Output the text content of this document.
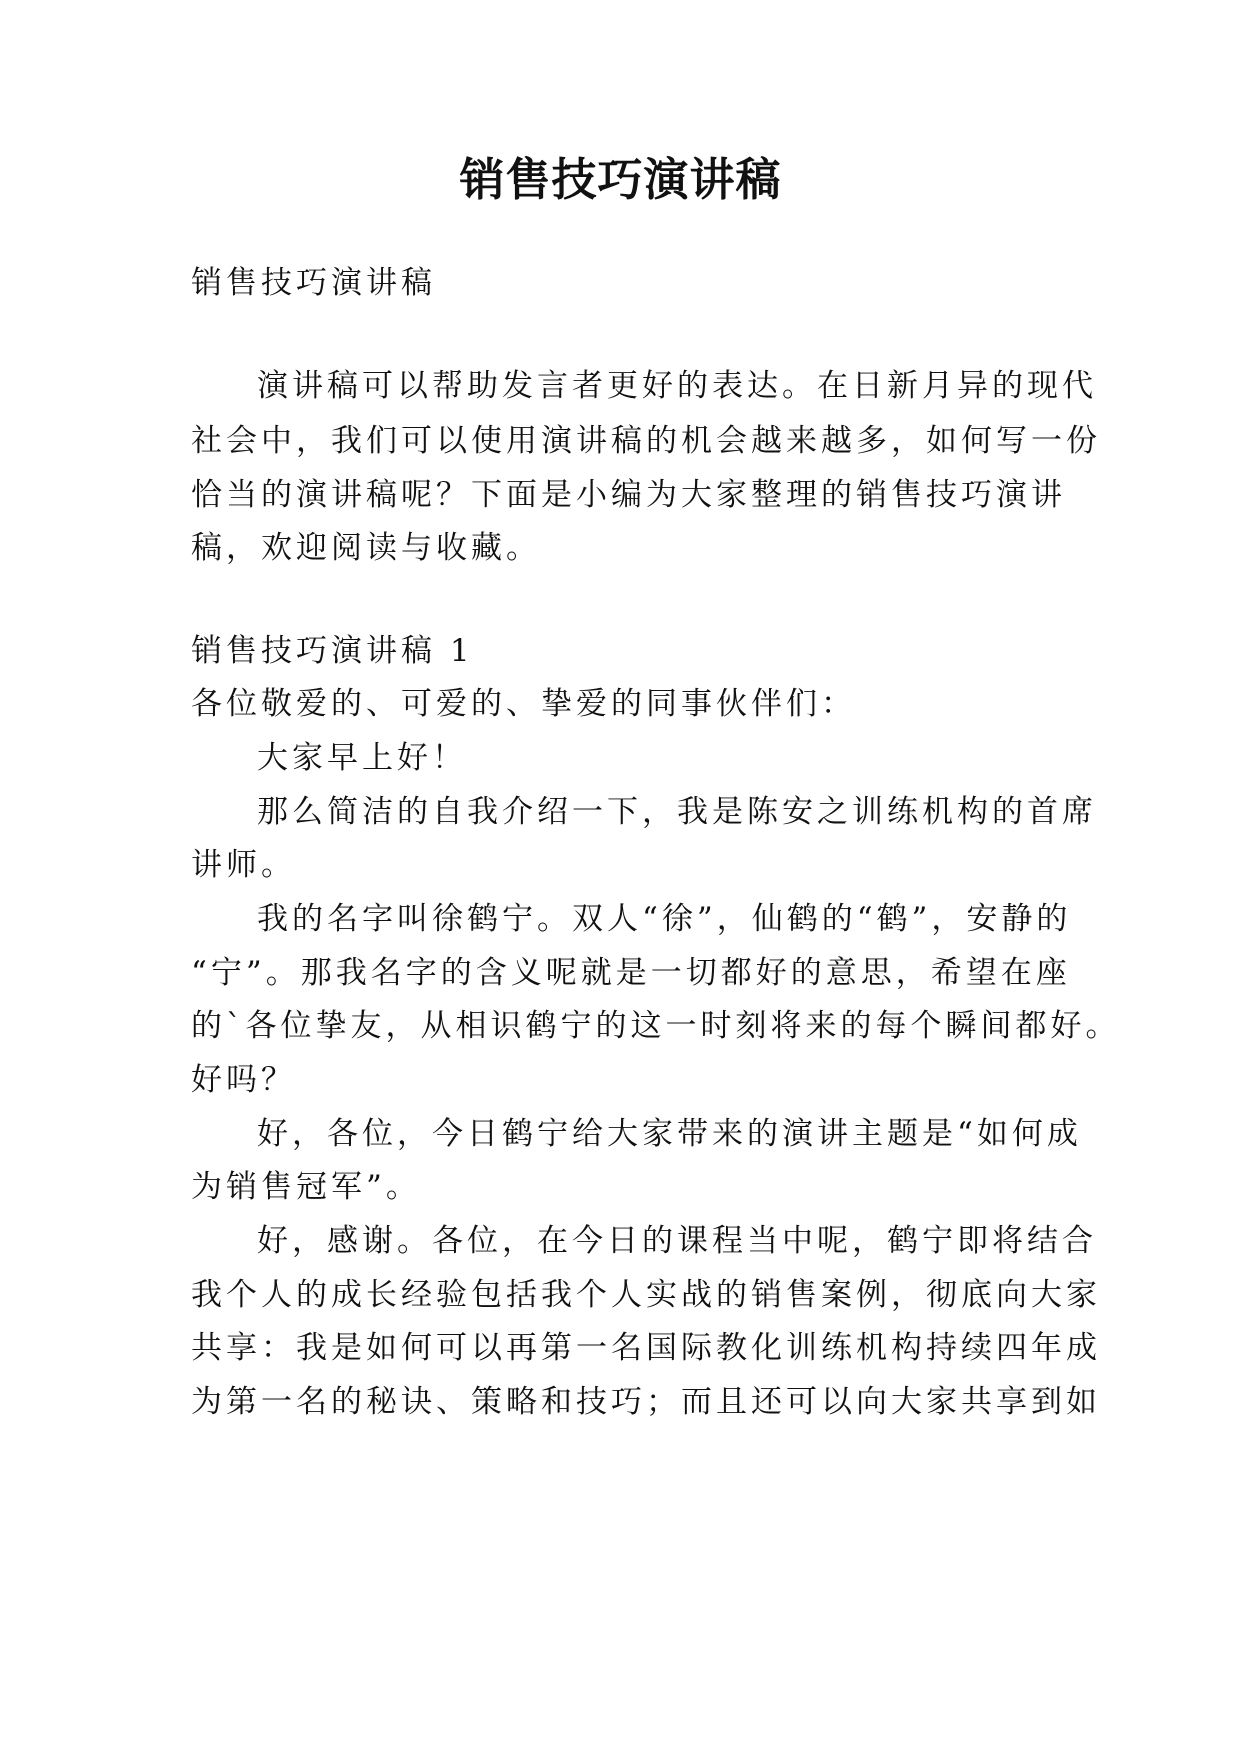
销售技巧演讲稿
销售技巧演讲稿
演讲稿可以帮助发言者更好的表达。在日新月异的现代
社会中，我们可以使用演讲稿的机会越来越多，如何写一份
恰当的演讲稿呢？下面是小编为大家整理的销售技巧演讲
稿，欢迎阅读与收藏。
销售技巧演讲稿 1
各位敬爱的、可爱的、挚爱的同事伙伴们：
大家早上好！
那么简洁的自我介绍一下，我是陈安之训练机构的首席
讲师。
我的名字叫徐鹤宁。双人“徐”，仙鹤的“鹤”，安静的
“宁”。那我名字的含义呢就是一切都好的意思，希望在座
的`各位挚友，从相识鹤宁的这一时刻将来的每个瞬间都好。
好吗？
好，各位，今日鹤宁给大家带来的演讲主题是“如何成
为销售冠军”。
好，感谢。各位，在今日的课程当中呢，鹤宁即将结合
我个人的成长经验包括我个人实战的销售案例，彻底向大家
共享：我是如何可以再第一名国际教化训练机构持续四年成
为第一名的秘诀、策略和技巧；而且还可以向大家共享到如
